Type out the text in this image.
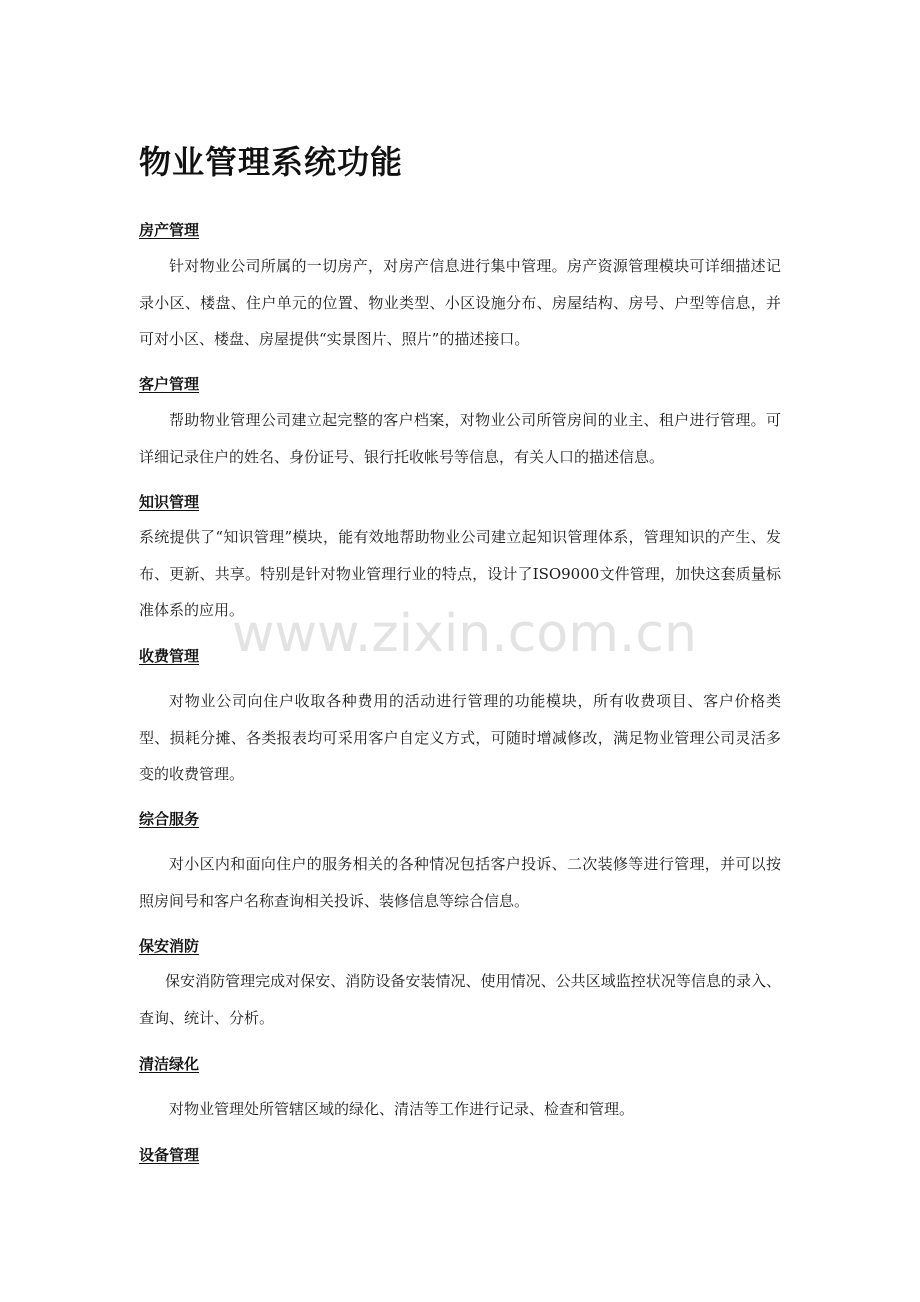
www.zixin.com.cn
物业管理系统功能
房产管理

针对物业公司所属的一切房产，对房产信息进行集中管理。房产资源管理模块可详细描述记录小区、楼盘、住户单元的位置、物业类型、小区设施分布、房屋结构、房号、户型等信息，并可对小区、楼盘、房屋提供“实景图片、照片”的描述接口。

客户管理

帮助物业管理公司建立起完整的客户档案，对物业公司所管房间的业主、租户进行管理。可详细记录住户的姓名、身份证号、银行托收帐号等信息，有关人口的描述信息。

知识管理

系统提供了“知识管理”模块，能有效地帮助物业公司建立起知识管理体系，管理知识的产生、发布、更新、共享。特别是针对物业管理行业的特点，设计了ISO9000文件管理，加快这套质量标准体系的应用。

收费管理

对物业公司向住户收取各种费用的活动进行管理的功能模块，所有收费项目、客户价格类型、损耗分摊、各类报表均可采用客户自定义方式，可随时增减修改，满足物业管理公司灵活多变的收费管理。

综合服务

对小区内和面向住户的服务相关的各种情况包括客户投诉、二次装修等进行管理，并可以按照房间号和客户名称查询相关投诉、装修信息等综合信息。

保安消防

保安消防管理完成对保安、消防设备安装情况、使用情况、公共区域监控状况等信息的录入、查询、统计、分析。

清洁绿化

对物业管理处所管辖区域的绿化、清洁等工作进行记录、检查和管理。

设备管理
